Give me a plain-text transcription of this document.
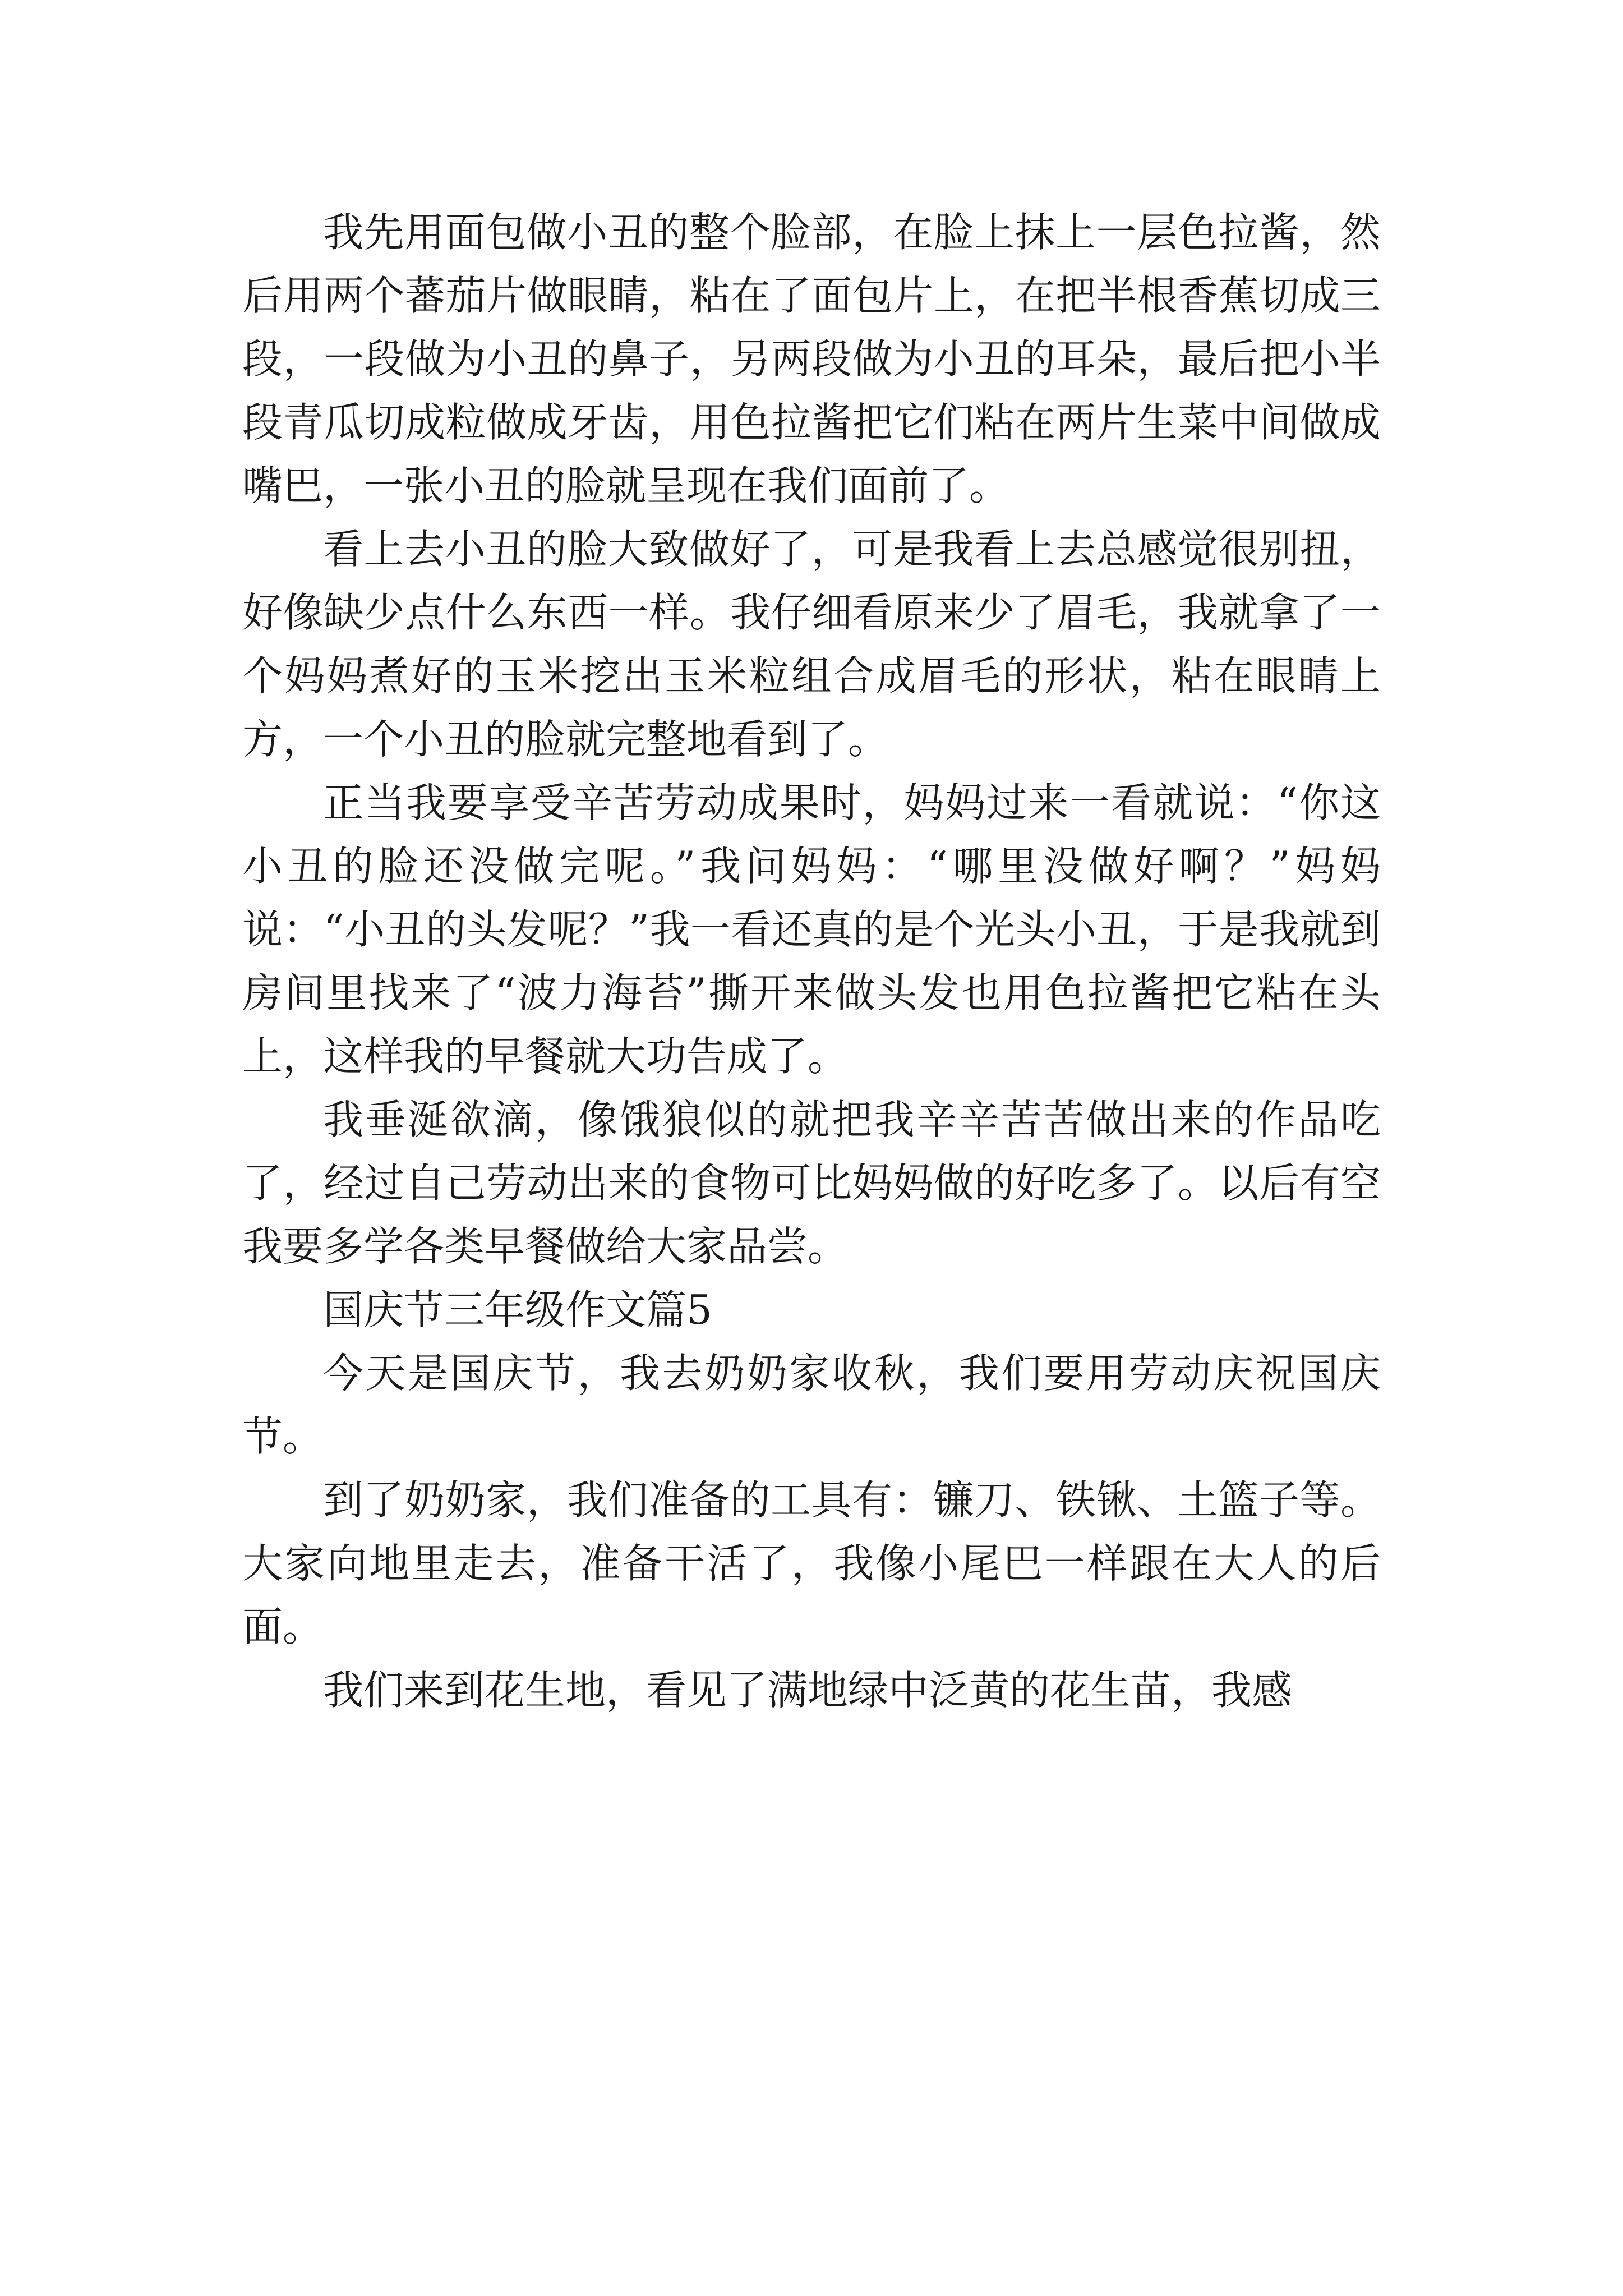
我先用面包做小丑的整个脸部，在脸上抹上一层色拉酱，然后用两个蕃茄片做眼睛，粘在了面包片上，在把半根香蕉切成三段，一段做为小丑的鼻子，另两段做为小丑的耳朵，最后把小半段青瓜切成粒做成牙齿，用色拉酱把它们粘在两片生菜中间做成嘴巴，一张小丑的脸就呈现在我们面前了。

看上去小丑的脸大致做好了，可是我看上去总感觉很别扭，好像缺少点什么东西一样。我仔细看原来少了眉毛，我就拿了一个妈妈煮好的玉米挖出玉米粒组合成眉毛的形状，粘在眼睛上方，一个小丑的脸就完整地看到了。

正当我要享受辛苦劳动成果时，妈妈过来一看就说：“你这小丑的脸还没做完呢。”我问妈妈：“哪里没做好啊？”妈妈说：“小丑的头发呢？”我一看还真的是个光头小丑，于是我就到房间里找来了“波力海苔”撕开来做头发也用色拉酱把它粘在头上，这样我的早餐就大功告成了。

我垂涎欲滴，像饿狼似的就把我辛辛苦苦做出来的作品吃了，经过自己劳动出来的食物可比妈妈做的好吃多了。以后有空我要多学各类早餐做给大家品尝。

国庆节三年级作文篇5

今天是国庆节，我去奶奶家收秋，我们要用劳动庆祝国庆节。

到了奶奶家，我们准备的工具有：镰刀、铁锹、土篮子等。大家向地里走去，准备干活了，我像小尾巴一样跟在大人的后面。

我们来到花生地，看见了满地绿中泛黄的花生苗，我感
